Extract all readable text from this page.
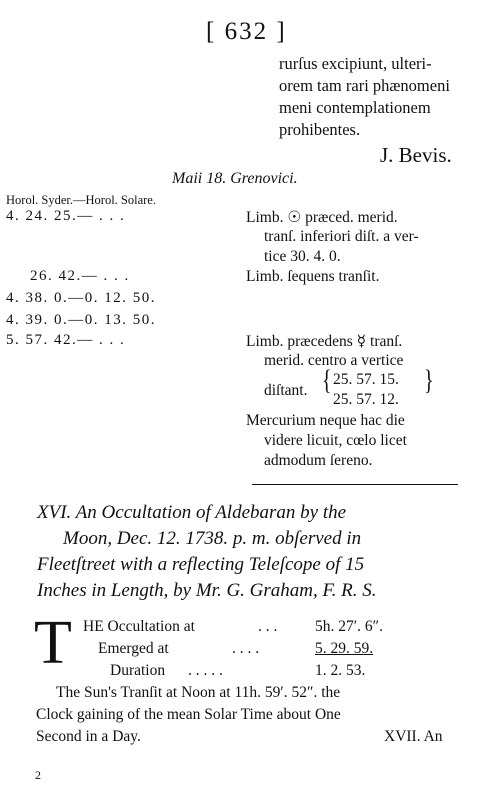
[ 632 ]
rurſus excipiunt, ulteri-
orem tam rari phænomeni
meni contemplationem
prohibentes.
J. Bevis.
Maii 18. Grenovici.
Horol. Syder.—Horol. Solare.
4. 24. 25.— . . .	Limb. ☉ præced. merid.
tranſ. inferiori diſt. a ver-
tice 30. 4. 0.
26. 42.— . . .	Limb. ſequens tranſit.
4. 38. 0.—0. 12. 50.
4. 39. 0.—0. 13. 50.
5. 57. 42.— . . .	Limb. præcedens ☿ tranſ.
merid. centro a vertice
diſtant. { 25. 57. 15.
25. 57. 12.
}
Mercurium neque hac die
videre licuit, cœlo licet
admodum ſereno.
XVI. An Occultation of Aldebaran by the
Moon, Dec. 12. 1738. p. m. obſerved in
Fleetſtreet with a reflecting Teleſcope of 15
Inches in Length, by Mr. G. Graham, F. R. S.
T HE Occultation at	. . . 5h. 27′. 6″.
Emerged at	. . . .	5. 29. 59.
Duration . . . . .	1. 2. 53.
The Sun's Tranſit at Noon at 11h. 59′. 52″. the
Clock gaining of the mean Solar Time about One
Second in a Day.	XVII. An
2
